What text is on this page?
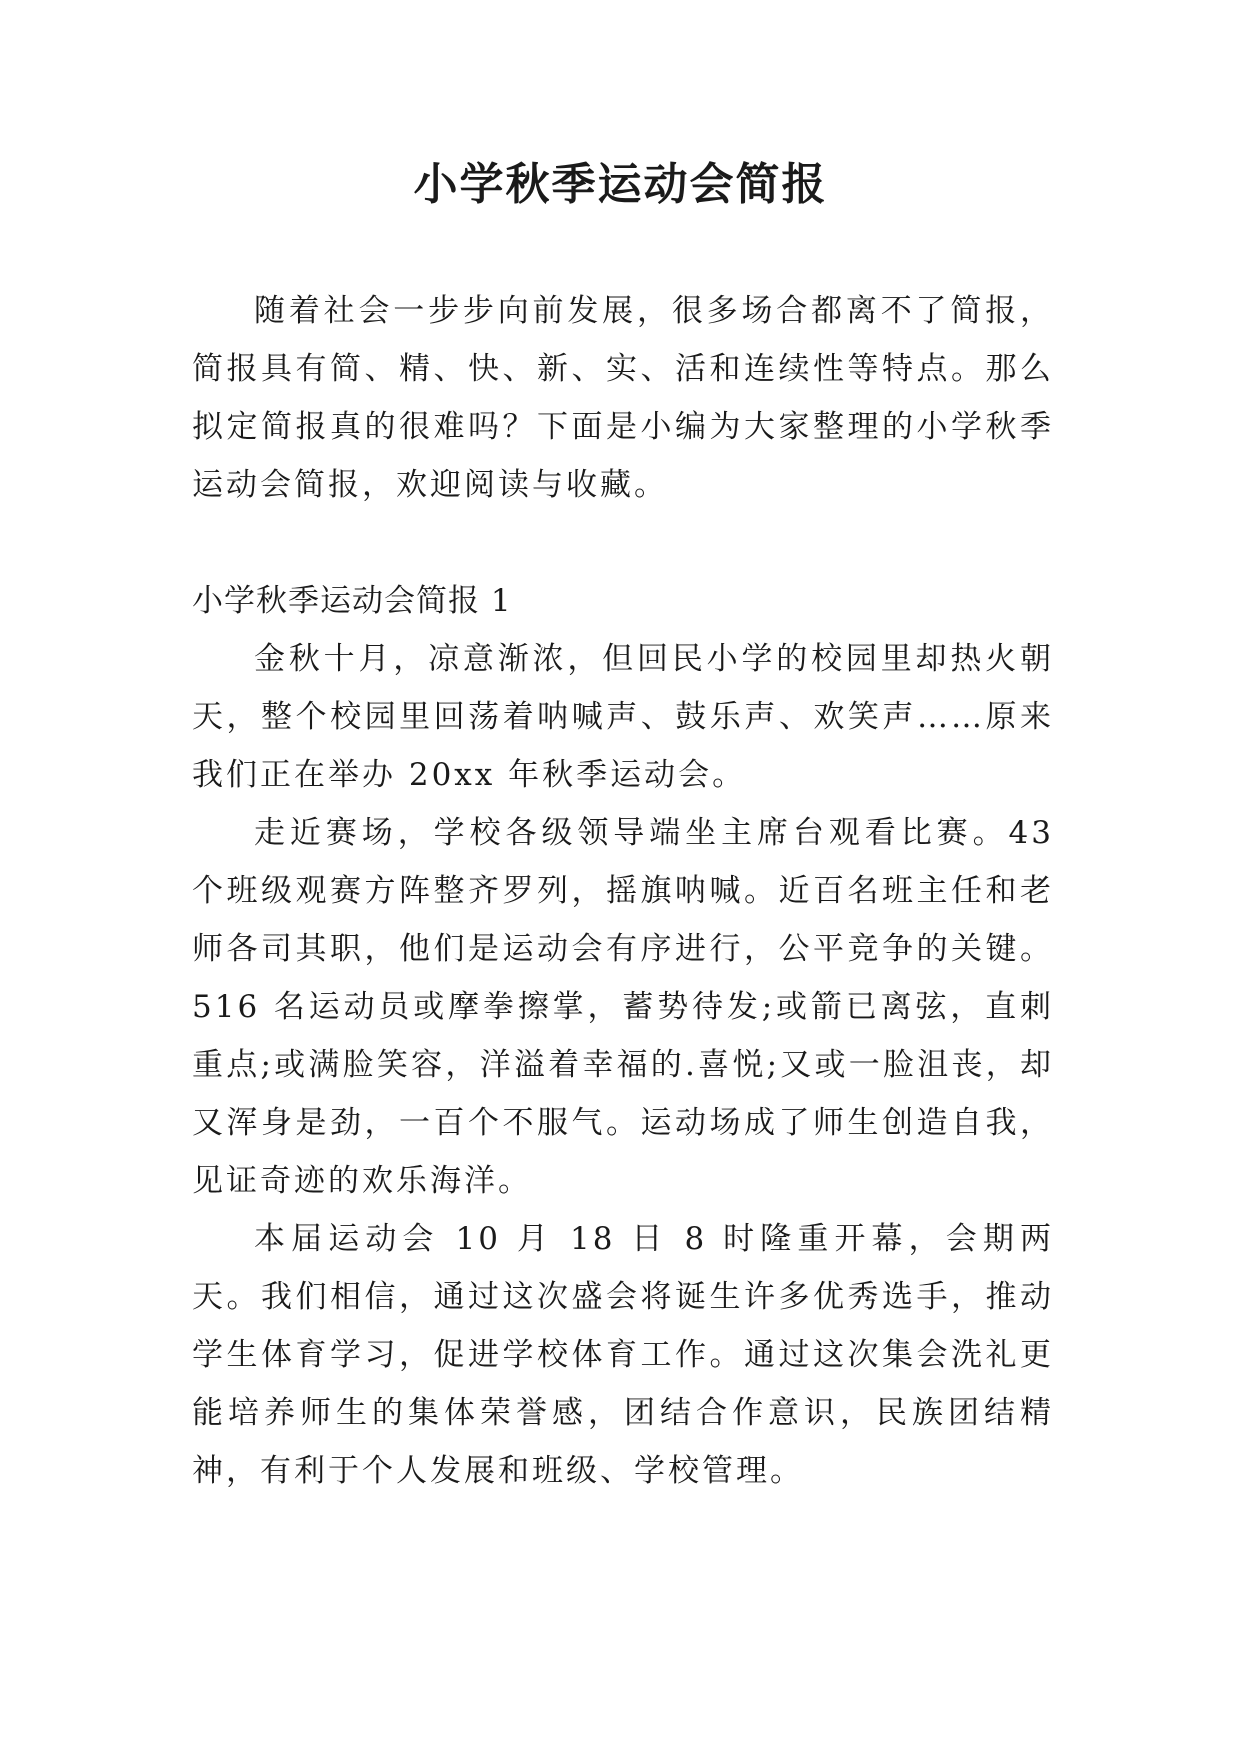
小学秋季运动会简报

随着社会一步步向前发展，很多场合都离不了简报，简报具有简、精、快、新、实、活和连续性等特点。那么拟定简报真的很难吗？下面是小编为大家整理的小学秋季运动会简报，欢迎阅读与收藏。

小学秋季运动会简报 1

金秋十月，凉意渐浓，但回民小学的校园里却热火朝天，整个校园里回荡着呐喊声、鼓乐声、欢笑声……原来我们正在举办 20xx 年秋季运动会。

走近赛场，学校各级领导端坐主席台观看比赛。43 个班级观赛方阵整齐罗列，摇旗呐喊。近百名班主任和老师各司其职，他们是运动会有序进行，公平竞争的关键。516 名运动员或摩拳擦掌，蓄势待发;或箭已离弦，直刺重点;或满脸笑容，洋溢着幸福的.喜悦;又或一脸沮丧，却又浑身是劲，一百个不服气。运动场成了师生创造自我，见证奇迹的欢乐海洋。

本届运动会 10 月 18 日 8 时隆重开幕，会期两天。我们相信，通过这次盛会将诞生许多优秀选手，推动学生体育学习，促进学校体育工作。通过这次集会洗礼更能培养师生的集体荣誉感，团结合作意识，民族团结精神，有利于个人发展和班级、学校管理。
